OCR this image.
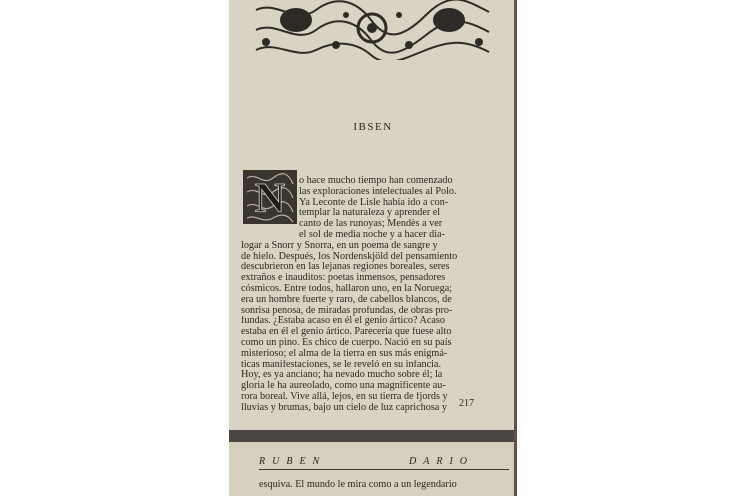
IBSEN
N	o hace mucho tiempo han comenzado
las exploraciones intelectuales al Polo.
Ya Leconte de Lisle había ido a con-
templar la naturaleza y aprender el
canto de las runoyas; Mendès a ver
el sol de media noche y a hacer dia-
logar a Snorr y Snorra, en un poema de sangre y
de hielo. Después, los Nordenskjöld del pensamiento
descubrieron en las lejanas regiones boreales, seres
extraños e inauditos: poetas inmensos, pensadores
cósmicos. Entre todos, hallaron uno, en la Noruega;
era un hombre fuerte y raro, de cabellos blancos, de
sonrisa penosa, de miradas profundas, de obras pro-
fundas. ¿Estaba acaso en él el genio ártico? Acaso
estaba en él el genio ártico. Parecería que fuese alto
como un pino. Es chico de cuerpo. Nació en su país
misterioso; el alma de la tierra en sus más enigmá-
ticas manifestaciones, se le reveló en su infancia.
Hoy, es ya anciano; ha nevado mucho sobre él; la
gloria le ha aureolado, como una magnificente au-
rora boreal. Vive allá, lejos, en su tierra de fjords y
lluvias y brumas, bajo un cielo de luz caprichosa y	217
RUBEN	DARIO
esquiva. El mundo le mira como a un legendario
